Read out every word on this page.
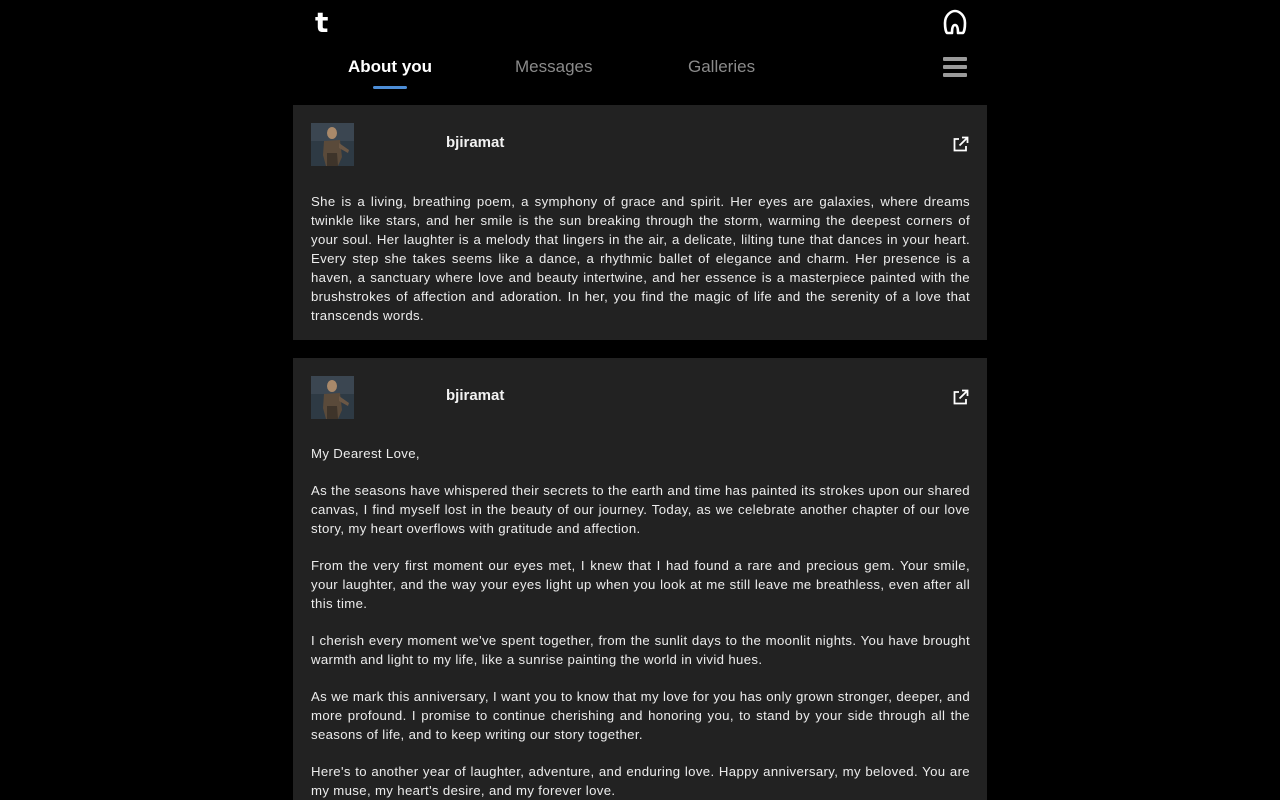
t
About you	Messages	Galleries
bjiramat

She is a living, breathing poem, a symphony of grace and spirit. Her eyes are galaxies, where dreams twinkle like stars, and her smile is the sun breaking through the storm, warming the deepest corners of your soul. Her laughter is a melody that lingers in the air, a delicate, lilting tune that dances in your heart. Every step she takes seems like a dance, a rhythmic ballet of elegance and charm. Her presence is a haven, a sanctuary where love and beauty intertwine, and her essence is a masterpiece painted with the brushstrokes of affection and adoration. In her, you find the magic of life and the serenity of a love that transcends words.

bjiramat

My Dearest Love,

As the seasons have whispered their secrets to the earth and time has painted its strokes upon our shared canvas, I find myself lost in the beauty of our journey. Today, as we celebrate another chapter of our love story, my heart overflows with gratitude and affection.

From the very first moment our eyes met, I knew that I had found a rare and precious gem. Your smile, your laughter, and the way your eyes light up when you look at me still leave me breathless, even after all this time.

I cherish every moment we've spent together, from the sunlit days to the moonlit nights. You have brought warmth and light to my life, like a sunrise painting the world in vivid hues.

As we mark this anniversary, I want you to know that my love for you has only grown stronger, deeper, and more profound. I promise to continue cherishing and honoring you, to stand by your side through all the seasons of life, and to keep writing our story together.

Here's to another year of laughter, adventure, and enduring love. Happy anniversary, my beloved. You are my muse, my heart's desire, and my forever love.
